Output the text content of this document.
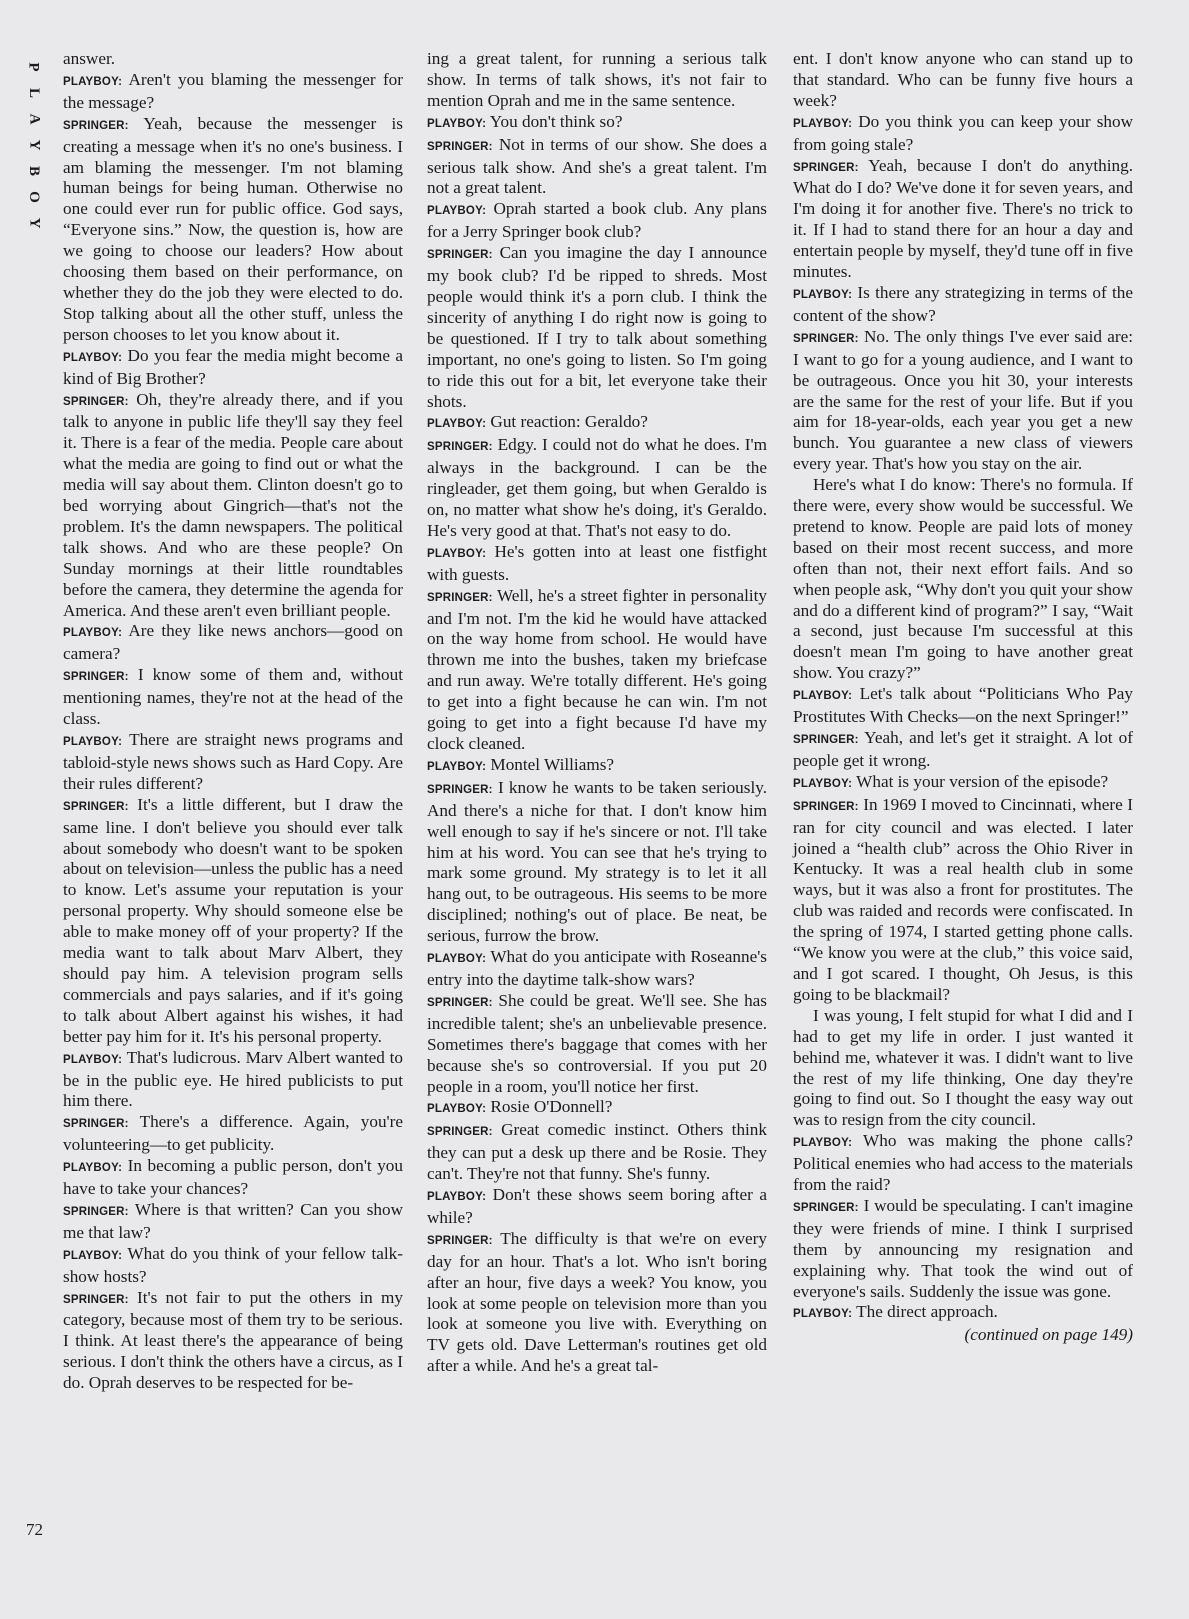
P
L
A
Y
B
O
Y

answer.

PLAYBOY: Aren't you blaming the messenger for the message?

SPRINGER: Yeah, because the messenger is creating a message when it's no one's business. I am blaming the messenger. I'm not blaming human beings for being human. Otherwise no one could ever run for public office. God says, “Everyone sins.” Now, the question is, how are we going to choose our leaders? How about choosing them based on their performance, on whether they do the job they were elected to do. Stop talking about all the other stuff, unless the person chooses to let you know about it.

PLAYBOY: Do you fear the media might become a kind of Big Brother?

SPRINGER: Oh, they're already there, and if you talk to anyone in public life they'll say they feel it. There is a fear of the media. People care about what the media are going to find out or what the media will say about them. Clinton doesn't go to bed worrying about Gingrich—that's not the problem. It's the damn newspapers. The political talk shows. And who are these people? On Sunday mornings at their little roundtables before the camera, they determine the agenda for America. And these aren't even brilliant people.

PLAYBOY: Are they like news anchors—good on camera?

SPRINGER: I know some of them and, without mentioning names, they're not at the head of the class.

PLAYBOY: There are straight news programs and tabloid-style news shows such as Hard Copy. Are their rules different?

SPRINGER: It's a little different, but I draw the same line. I don't believe you should ever talk about somebody who doesn't want to be spoken about on television—unless the public has a need to know. Let's assume your reputation is your personal property. Why should someone else be able to make money off of your property? If the media want to talk about Marv Albert, they should pay him. A television program sells commercials and pays salaries, and if it's going to talk about Albert against his wishes, it had better pay him for it. It's his personal property.

PLAYBOY: That's ludicrous. Marv Albert wanted to be in the public eye. He hired publicists to put him there.

SPRINGER: There's a difference. Again, you're volunteering—to get publicity.

PLAYBOY: In becoming a public person, don't you have to take your chances?

SPRINGER: Where is that written? Can you show me that law?

PLAYBOY: What do you think of your fellow talk-show hosts?

SPRINGER: It's not fair to put the others in my category, because most of them try to be serious. I think. At least there's the appearance of being serious. I don't think the others have a circus, as I do. Oprah deserves to be respected for be-

ing a great talent, for running a serious talk show. In terms of talk shows, it's not fair to mention Oprah and me in the same sentence.

PLAYBOY: You don't think so?

SPRINGER: Not in terms of our show. She does a serious talk show. And she's a great talent. I'm not a great talent.

PLAYBOY: Oprah started a book club. Any plans for a Jerry Springer book club?

SPRINGER: Can you imagine the day I announce my book club? I'd be ripped to shreds. Most people would think it's a porn club. I think the sincerity of anything I do right now is going to be questioned. If I try to talk about something important, no one's going to listen. So I'm going to ride this out for a bit, let everyone take their shots.

PLAYBOY: Gut reaction: Geraldo?

SPRINGER: Edgy. I could not do what he does. I'm always in the background. I can be the ringleader, get them going, but when Geraldo is on, no matter what show he's doing, it's Geraldo. He's very good at that. That's not easy to do.

PLAYBOY: He's gotten into at least one fistfight with guests.

SPRINGER: Well, he's a street fighter in personality and I'm not. I'm the kid he would have attacked on the way home from school. He would have thrown me into the bushes, taken my briefcase and run away. We're totally different. He's going to get into a fight because he can win. I'm not going to get into a fight because I'd have my clock cleaned.

PLAYBOY: Montel Williams?

SPRINGER: I know he wants to be taken seriously. And there's a niche for that. I don't know him well enough to say if he's sincere or not. I'll take him at his word. You can see that he's trying to mark some ground. My strategy is to let it all hang out, to be outrageous. His seems to be more disciplined; nothing's out of place. Be neat, be serious, furrow the brow.

PLAYBOY: What do you anticipate with Roseanne's entry into the daytime talk-show wars?

SPRINGER: She could be great. We'll see. She has incredible talent; she's an unbelievable presence. Sometimes there's baggage that comes with her because she's so controversial. If you put 20 people in a room, you'll notice her first.

PLAYBOY: Rosie O'Donnell?

SPRINGER: Great comedic instinct. Others think they can put a desk up there and be Rosie. They can't. They're not that funny. She's funny.

PLAYBOY: Don't these shows seem boring after a while?

SPRINGER: The difficulty is that we're on every day for an hour. That's a lot. Who isn't boring after an hour, five days a week? You know, you look at some people on television more than you look at someone you live with. Everything on TV gets old. Dave Letterman's routines get old after a while. And he's a great tal-

ent. I don't know anyone who can stand up to that standard. Who can be funny five hours a week?

PLAYBOY: Do you think you can keep your show from going stale?

SPRINGER: Yeah, because I don't do anything. What do I do? We've done it for seven years, and I'm doing it for another five. There's no trick to it. If I had to stand there for an hour a day and entertain people by myself, they'd tune off in five minutes.

PLAYBOY: Is there any strategizing in terms of the content of the show?

SPRINGER: No. The only things I've ever said are: I want to go for a young audience, and I want to be outrageous. Once you hit 30, your interests are the same for the rest of your life. But if you aim for 18-year-olds, each year you get a new bunch. You guarantee a new class of viewers every year. That's how you stay on the air.

Here's what I do know: There's no formula. If there were, every show would be successful. We pretend to know. People are paid lots of money based on their most recent success, and more often than not, their next effort fails. And so when people ask, “Why don't you quit your show and do a different kind of program?” I say, “Wait a second, just because I'm successful at this doesn't mean I'm going to have another great show. You crazy?”

PLAYBOY: Let's talk about “Politicians Who Pay Prostitutes With Checks—on the next Springer!”

SPRINGER: Yeah, and let's get it straight. A lot of people get it wrong.

PLAYBOY: What is your version of the episode?

SPRINGER: In 1969 I moved to Cincinnati, where I ran for city council and was elected. I later joined a “health club” across the Ohio River in Kentucky. It was a real health club in some ways, but it was also a front for prostitutes. The club was raided and records were confiscated. In the spring of 1974, I started getting phone calls. “We know you were at the club,” this voice said, and I got scared. I thought, Oh Jesus, is this going to be blackmail?

I was young, I felt stupid for what I did and I had to get my life in order. I just wanted it behind me, whatever it was. I didn't want to live the rest of my life thinking, One day they're going to find out. So I thought the easy way out was to resign from the city council.

PLAYBOY: Who was making the phone calls? Political enemies who had access to the materials from the raid?

SPRINGER: I would be speculating. I can't imagine they were friends of mine. I think I surprised them by announcing my resignation and explaining why. That took the wind out of everyone's sails. Suddenly the issue was gone.

PLAYBOY: The direct approach.

(continued on page 149)

72
